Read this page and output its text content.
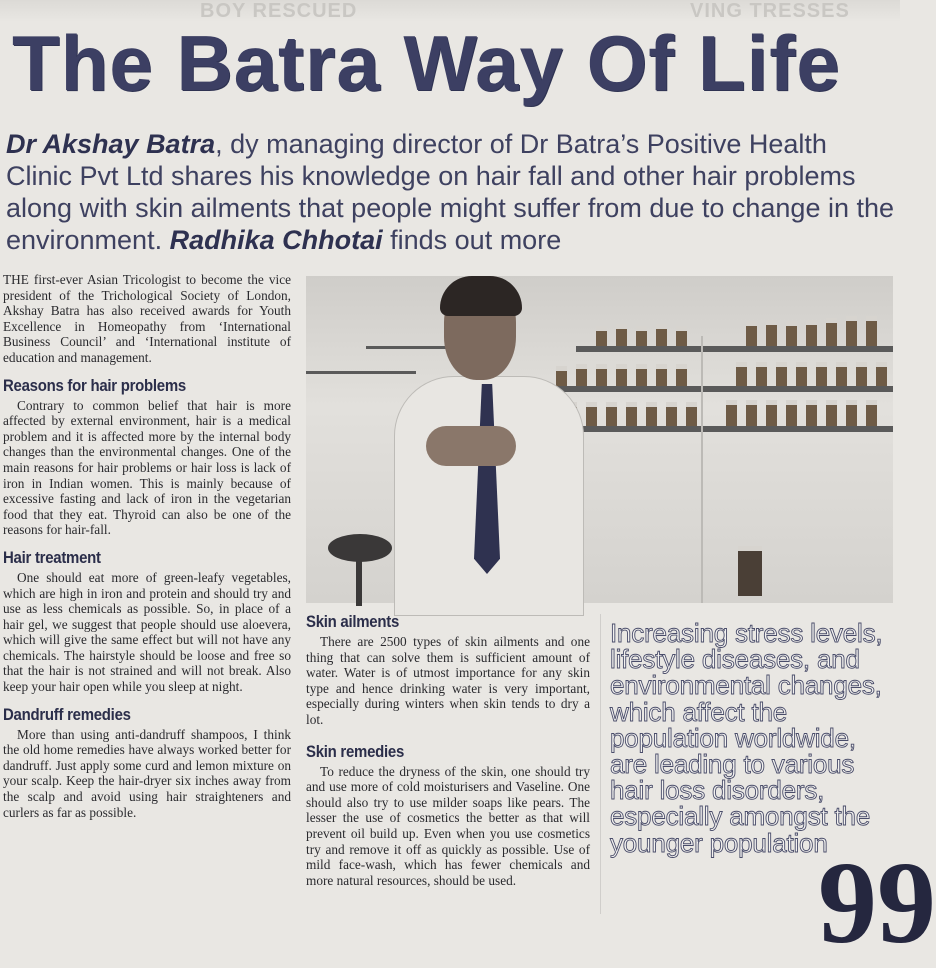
BOY RESCUED	VING TRESSES
The Batra Way Of Life
Dr Akshay Batra, dy managing director of Dr Batra’s Positive Health Clinic Pvt Ltd shares his knowledge on hair fall and other hair problems along with skin ailments that people might suffer from due to change in the environment. Radhika Chhotai finds out more

THE first-ever Asian Tricologist to become the vice president of the Trichological Society of London, Akshay Batra has also received awards for Youth Excellence in Homeopathy from ‘International Business Council’ and ‘International institute of education and management.

Reasons for hair problems

Contrary to common belief that hair is more affected by external environment, hair is a medical problem and it is affected more by the internal body changes than the environmental changes. One of the main reasons for hair problems or hair loss is lack of iron in Indian women. This is mainly because of excessive fasting and lack of iron in the vegetarian food that they eat. Thyroid can also be one of the reasons for hair-fall.

Hair treatment

One should eat more of green-leafy vegetables, which are high in iron and protein and should try and use as less chemicals as possible. So, in place of a hair gel, we suggest that people should use aloevera, which will give the same effect but will not have any chemicals. The hairstyle should be loose and free so that the hair is not strained and will not break. Also keep your hair open while you sleep at night.

Dandruff remedies

More than using anti-dandruff shampoos, I think the old home remedies have always worked better for dandruff. Just apply some curd and lemon mixture on your scalp. Keep the hair-dryer six inches away from the scalp and avoid using hair straighteners and curlers as far as possible.

Skin ailments

There are 2500 types of skin ailments and one thing that can solve them is sufficient amount of water. Water is of utmost importance for any skin type and hence drinking water is very important, especially during winters when skin tends to dry a lot.

Skin remedies

To reduce the dryness of the skin, one should try and use more of cold moisturisers and Vaseline. One should also try to use milder soaps like pears. The lesser the use of cosmetics the better as that will prevent oil build up. Even when you use cosmetics try and remove it off as quickly as possible. Use of mild face-wash, which has fewer chemicals and more natural resources, should be used.

Increasing stress levels, lifestyle diseases, and environmental changes, which affect the population worldwide, are leading to various hair loss disorders, especially amongst the younger population
99
